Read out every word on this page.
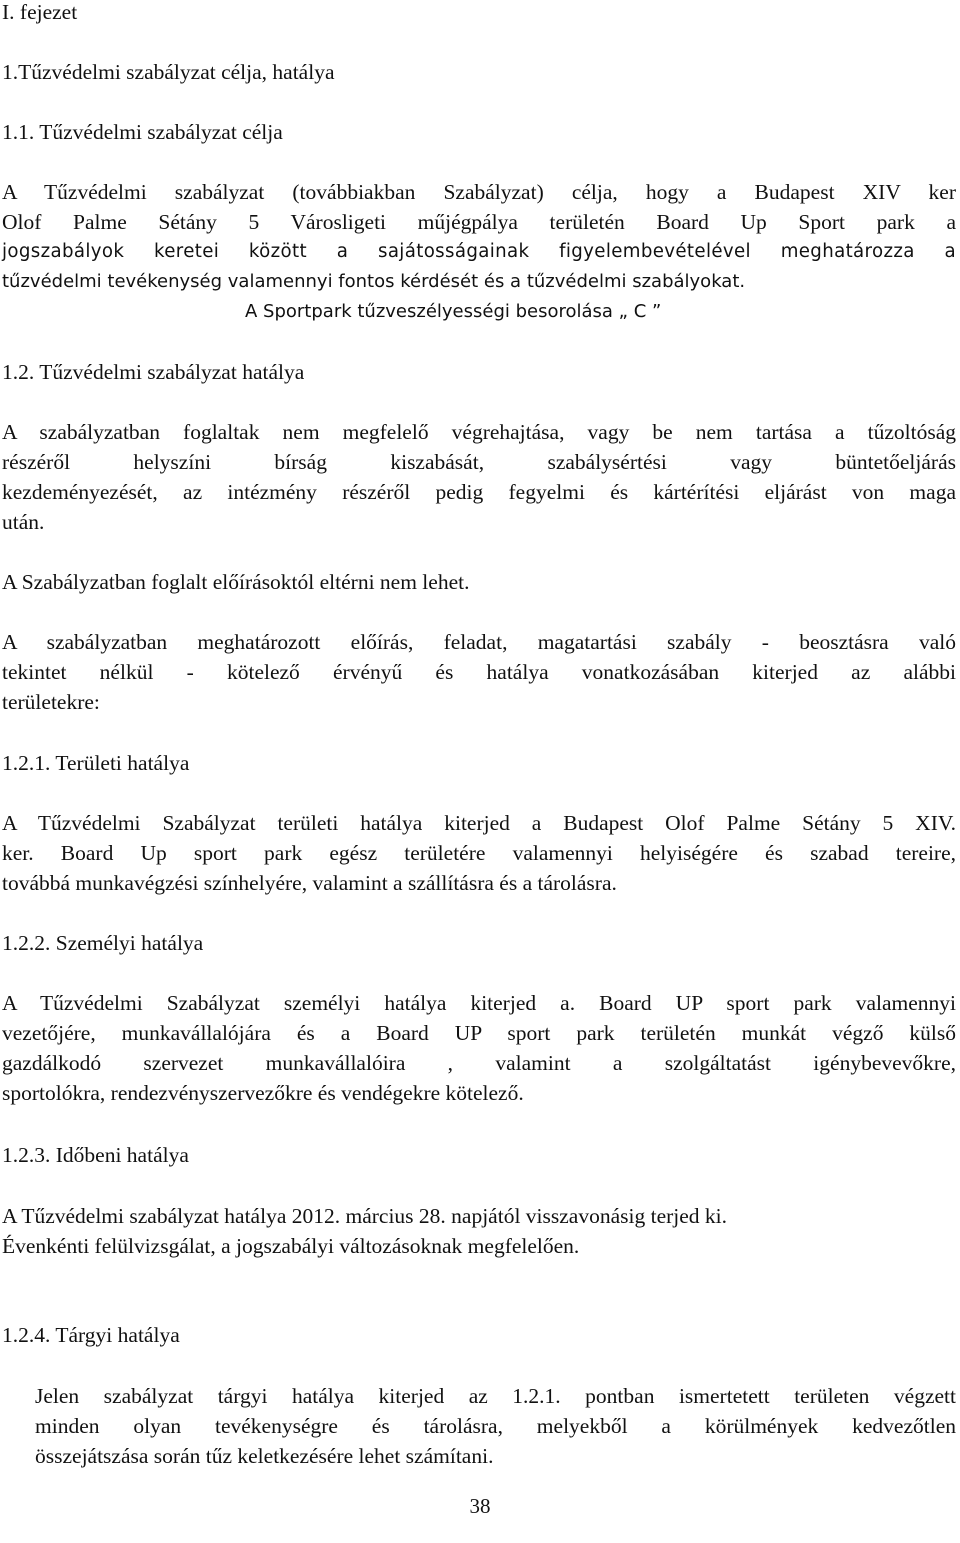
I. fejezet
1.Tűzvédelmi szabályzat célja, hatálya
1.1. Tűzvédelmi szabályzat célja
A Tűzvédelmi szabályzat (továbbiakban Szabályzat) célja, hogy a Budapest XIV ker
Olof Palme Sétány 5 Városligeti műjégpálya területén Board Up Sport park a
jogszabályok keretei között a sajátosságainak figyelembevételével meghatározza a
tűzvédelmi tevékenység valamennyi fontos kérdését és a tűzvédelmi szabályokat.
A Sportpark tűzveszélyességi besorolása „ C ”
1.2. Tűzvédelmi szabályzat hatálya
A szabályzatban foglaltak nem megfelelő végrehajtása, vagy be nem tartása a tűzoltóság
részéről helyszíni bírság kiszabását, szabálysértési vagy büntetőeljárás
kezdeményezését, az intézmény részéről pedig fegyelmi és kártérítési eljárást von maga
után.
A Szabályzatban foglalt előírásoktól eltérni nem lehet.
A szabályzatban meghatározott előírás, feladat, magatartási szabály - beosztásra való
tekintet nélkül - kötelező érvényű és hatálya vonatkozásában kiterjed az alábbi
területekre:
1.2.1. Területi hatálya
A Tűzvédelmi Szabályzat területi hatálya kiterjed a Budapest Olof Palme Sétány 5 XIV.
ker. Board Up sport park egész területére valamennyi helyiségére és szabad tereire,
továbbá munkavégzési színhelyére, valamint a szállításra és a tárolásra.
1.2.2. Személyi hatálya
A Tűzvédelmi Szabályzat személyi hatálya kiterjed a. Board UP sport park valamennyi
vezetőjére, munkavállalójára és a Board UP sport park területén munkát végző külső
gazdálkodó szervezet munkavállalóira , valamint a szolgáltatást igénybevevőkre,
sportolókra, rendezvényszervezőkre és vendégekre kötelező.
1.2.3. Időbeni hatálya
A Tűzvédelmi szabályzat hatálya 2012. március 28. napjától visszavonásig terjed ki.
Évenkénti felülvizsgálat, a jogszabályi változásoknak megfelelően.
1.2.4. Tárgyi hatálya
Jelen szabályzat tárgyi hatálya kiterjed az 1.2.1. pontban ismertetett területen végzett
minden olyan tevékenységre és tárolásra, melyekből a körülmények kedvezőtlen
összejátszása során tűz keletkezésére lehet számítani.
38
